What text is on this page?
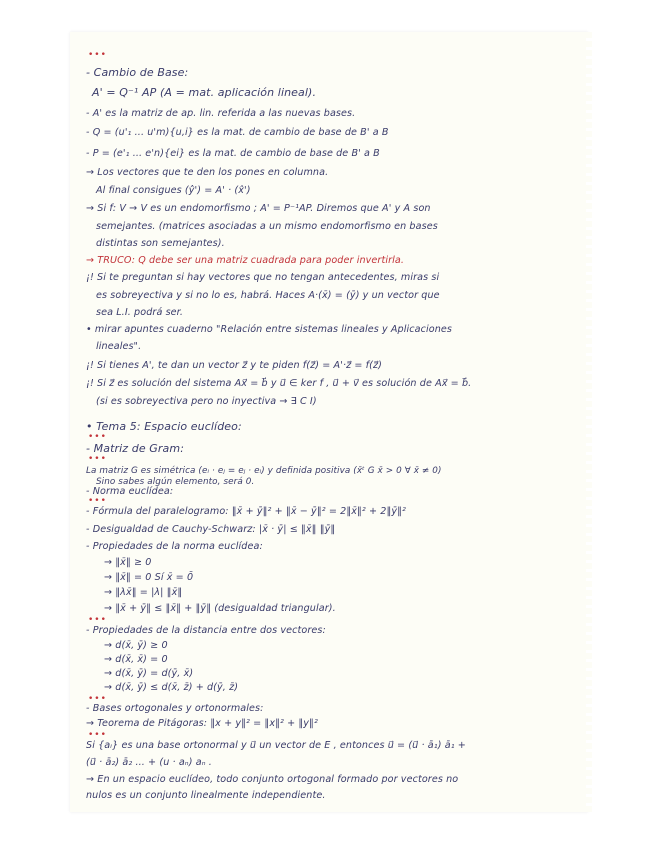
•••
- Cambio de Base:
A' = Q⁻¹ AP (A = mat. aplicación lineal).
- A' es la matriz de ap. lin. referida a las nuevas bases.
- Q = (u'₁ ... u'm){u,i} es la mat. de cambio de base de B' a B
- P = (e'₁ ... e'n){ei} es la mat. de cambio de base de B' a B
→ Los vectores que te den los pones en columna.
Al final consigues (ŷ') = A' · (x̂')
→ Si f: V → V es un endomorfismo ; A' = P⁻¹AP. Diremos que A' y A son
semejantes. (matrices asociadas a un mismo endomorfismo en bases
distintas son semejantes).
→ TRUCO: Q debe ser una matriz cuadrada para poder invertirla.
¡! Si te preguntan si hay vectores que no tengan antecedentes, miras si
es sobreyectiva y si no lo es, habrá. Haces A·(x̄) = (ȳ) y un vector que
sea L.I. podrá ser.
• mirar apuntes cuaderno "Relación entre sistemas lineales y Aplicaciones
lineales".
¡! Si tienes A', te dan un vector z⃗ y te piden f(z⃗) = A'·z⃗ = f(z⃗)
¡! Si z⃗ es solución del sistema Ax⃗ = b⃗ y u⃗ ∈ ker f , u⃗ + v⃗ es solución de Ax⃗ = b⃗.
(si es sobreyectiva pero no inyectiva → ∃ C I)
• Tema 5: Espacio euclídeo:
•••
- Matriz de Gram:
•••
La matriz G es simétrica (eᵢ · eⱼ = eⱼ · eᵢ) y definida positiva (x̄ᵗ G x̄ > 0 ∀ x̄ ≠ 0)
Sino sabes algún elemento, será 0.
- Norma euclídea:
•••
- Fórmula del paralelogramo: ‖x̄ + ȳ‖² + ‖x̄ − ȳ‖² = 2‖x̄‖² + 2‖ȳ‖²
- Desigualdad de Cauchy-Schwarz: |x̄ · ȳ| ≤ ‖x̄‖ ‖ȳ‖
- Propiedades de la norma euclídea:
→ ‖x̄‖ ≥ 0
→ ‖x̄‖ = 0 Sí x̄ = 0̄
→ ‖λx̄‖ = |λ| ‖x̄‖
→ ‖x̄ + ȳ‖ ≤ ‖x̄‖ + ‖ȳ‖ (desigualdad triangular).
•••
- Propiedades de la distancia entre dos vectores:
→ d(x̄, ȳ) ≥ 0
→ d(x̄, x̄) = 0
→ d(x̄, ȳ) = d(ȳ, x̄)
→ d(x̄, ȳ) ≤ d(x̄, z̄) + d(ȳ, z̄)
•••
- Bases ortogonales y ortonormales:
→ Teorema de Pitágoras: ‖x + y‖² = ‖x‖² + ‖y‖²
•••
Si {aᵢ} es una base ortonormal y u⃗ un vector de E , entonces u⃗ = (u⃗ · ā₁) ā₁ +
(u⃗ · ā₂) ā₂ ... + (u · aₙ) aₙ .
→ En un espacio euclídeo, todo conjunto ortogonal formado por vectores no
nulos es un conjunto linealmente independiente.
